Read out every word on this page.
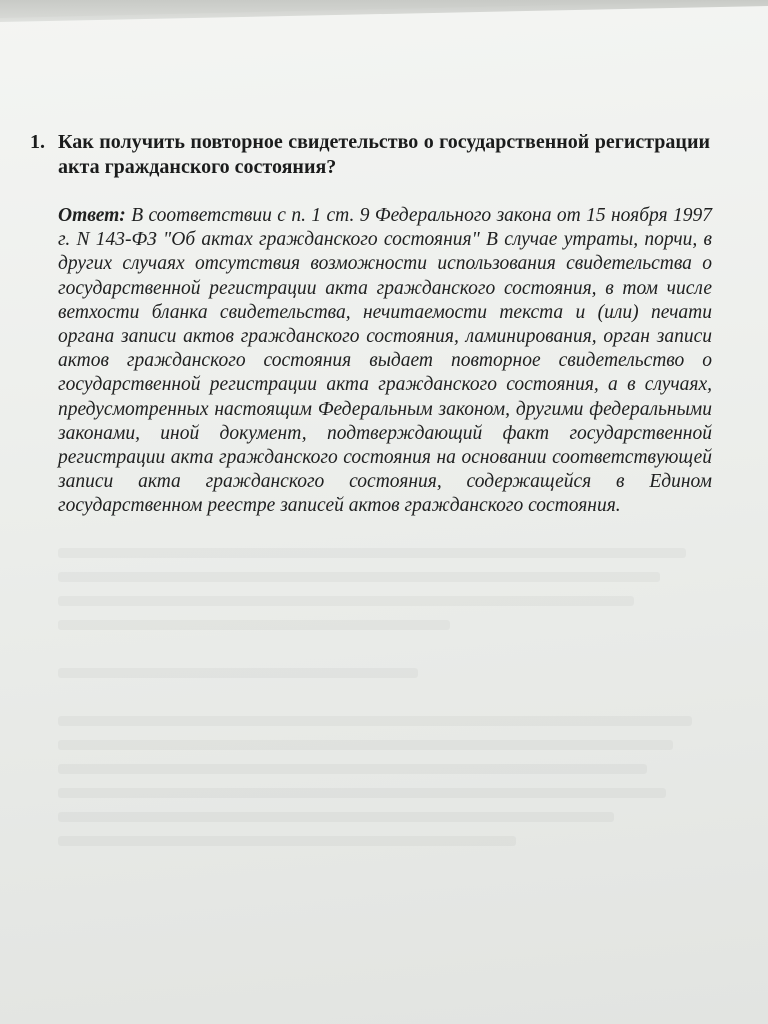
1. Как получить повторное свидетельство о государственной регистрации акта гражданского состояния?
Ответ: В соответствии с п. 1 ст. 9 Федерального закона от 15 ноября 1997 г. N 143-ФЗ "Об актах гражданского состояния" В случае утраты, порчи, в других случаях отсутствия возможности использования свидетельства о государственной регистрации акта гражданского состояния, в том числе ветхости бланка свидетельства, нечитаемости текста и (или) печати органа записи актов гражданского состояния, ламинирования, орган записи актов гражданского состояния выдает повторное свидетельство о государственной регистрации акта гражданского состояния, а в случаях, предусмотренных настоящим Федеральным законом, другими федеральными законами, иной документ, подтверждающий факт государственной регистрации акта гражданского состояния на основании соответствующей записи акта гражданского состояния, содержащейся в Едином государственном реестре записей актов гражданского состояния.
